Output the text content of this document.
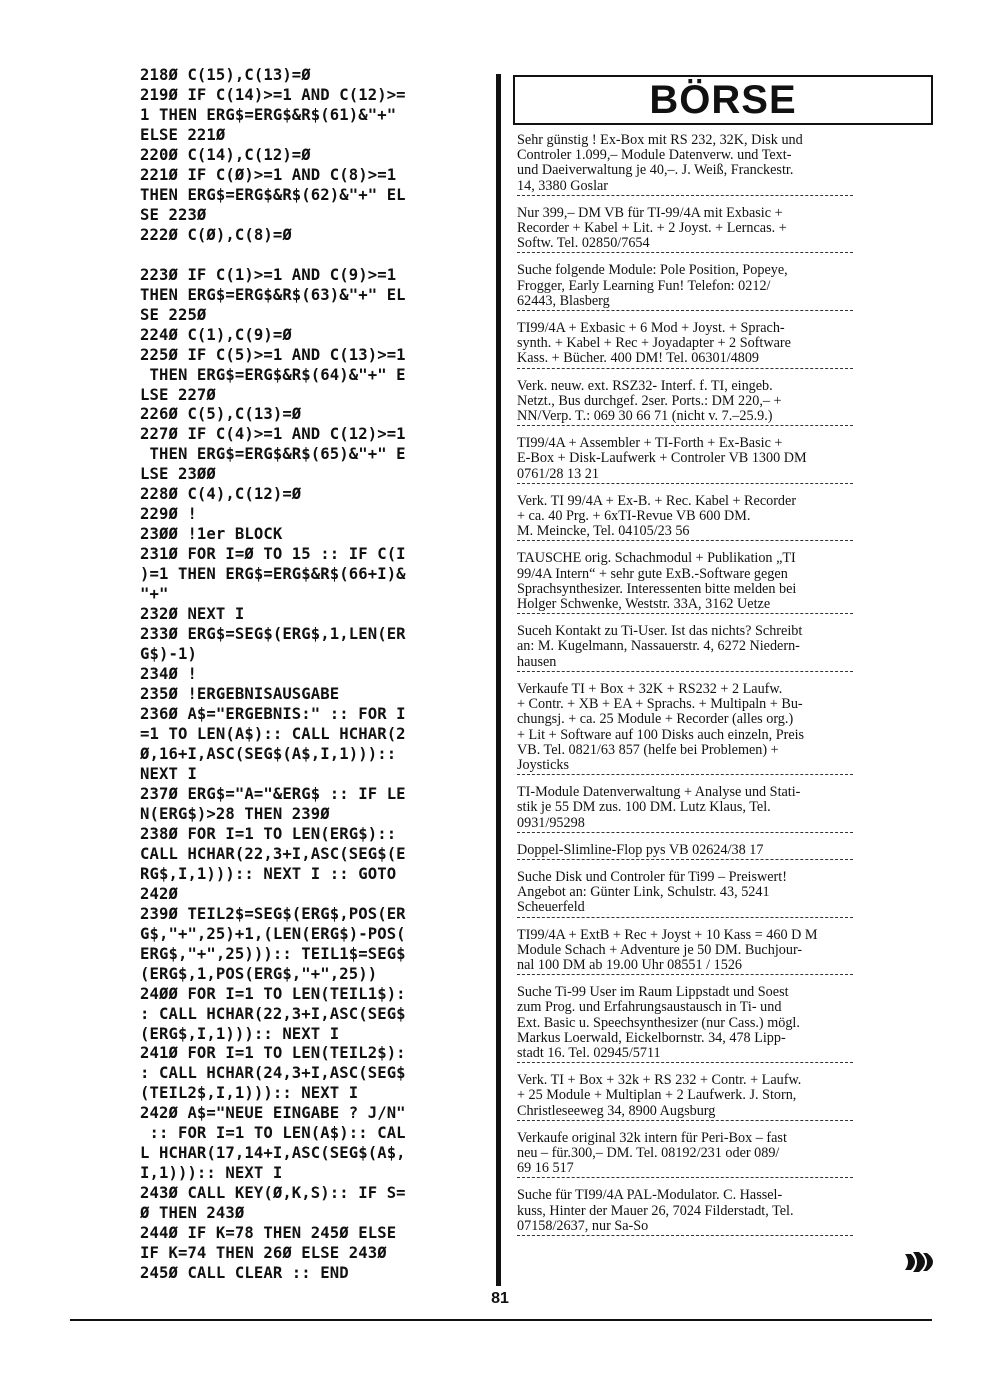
218Ø C(15),C(13)=Ø
219Ø IF C(14)>=1 AND C(12)>=
1 THEN ERG$=ERG$&R$(61)&"+"
ELSE 221Ø
220Ø C(14),C(12)=Ø
221Ø IF C(Ø)>=1 AND C(8)>=1
THEN ERG$=ERG$&R$(62)&"+" EL
SE 223Ø
222Ø C(Ø),C(8)=Ø
223Ø IF C(1)>=1 AND C(9)>=1
THEN ERG$=ERG$&R$(63)&"+" EL
SE 225Ø
224Ø C(1),C(9)=Ø
225Ø IF C(5)>=1 AND C(13)>=1
THEN ERG$=ERG$&R$(64)&"+" E
LSE 227Ø
226Ø C(5),C(13)=Ø
227Ø IF C(4)>=1 AND C(12)>=1
THEN ERG$=ERG$&R$(65)&"+" E
LSE 23ØØ
228Ø C(4),C(12)=Ø
229Ø !
23ØØ !1er BLOCK
231Ø FOR I=Ø TO 15 :: IF C(I
)=1 THEN ERG$=ERG$&R$(66+I)&
"+"
232Ø NEXT I
233Ø ERG$=SEG$(ERG$,1,LEN(ER
G$)-1)
234Ø !
235Ø !ERGEBNISAUSGABE
236Ø A$="ERGEBNIS:" :: FOR I
=1 TO LEN(A$):: CALL HCHAR(2
Ø,16+I,ASC(SEG$(A$,I,1)))::
NEXT I
237Ø ERG$="A="&ERG$ :: IF LE
N(ERG$)>28 THEN 239Ø
238Ø FOR I=1 TO LEN(ERG$)::
CALL HCHAR(22,3+I,ASC(SEG$(E
RG$,I,1))):: NEXT I :: GOTO
242Ø
239Ø TEIL2$=SEG$(ERG$,POS(ER
G$,"+",25)+1,(LEN(ERG$)-POS(
ERG$,"+",25))):: TEIL1$=SEG$
(ERG$,1,POS(ERG$,"+",25))
24ØØ FOR I=1 TO LEN(TEIL1$):
: CALL HCHAR(22,3+I,ASC(SEG$
(ERG$,I,1))):: NEXT I
241Ø FOR I=1 TO LEN(TEIL2$):
: CALL HCHAR(24,3+I,ASC(SEG$
(TEIL2$,I,1))):: NEXT I
242Ø A$="NEUE EINGABE ? J/N"
:: FOR I=1 TO LEN(A$):: CAL
L HCHAR(17,14+I,ASC(SEG$(A$,
I,1))):: NEXT I
243Ø CALL KEY(Ø,K,S):: IF S=
Ø THEN 243Ø
244Ø IF K=78 THEN 245Ø ELSE
IF K=74 THEN 26Ø ELSE 243Ø
245Ø CALL CLEAR :: END
BÖRSE
Sehr günstig ! Ex-Box mit RS 232, 32K, Disk und
Controler 1.099,– Module Datenverw. und Text-
und Daeiverwaltung je 40,–. J. Weiß, Franckestr.
14, 3380 Goslar
Nur 399,– DM VB für TI-99/4A mit Exbasic +
Recorder + Kabel + Lit. + 2 Joyst. + Lerncas. +
Softw. Tel. 02850/7654
Suche folgende Module: Pole Position, Popeye,
Frogger, Early Learning Fun! Telefon: 0212/
62443, Blasberg
TI99/4A + Exbasic + 6 Mod + Joyst. + Sprach-
synth. + Kabel + Rec + Joyadapter + 2 Software
Kass. + Bücher. 400 DM! Tel. 06301/4809
Verk. neuw. ext. RSZ32- Interf. f. TI, eingeb.
Netzt., Bus durchgef. 2ser. Ports.: DM 220,– +
NN/Verp. T.: 069 30 66 71 (nicht v. 7.–25.9.)
TI99/4A + Assembler + TI-Forth + Ex-Basic +
E-Box + Disk-Laufwerk + Controler VB 1300 DM
0761/28 13 21
Verk. TI 99/4A + Ex-B. + Rec. Kabel + Recorder
+ ca. 40 Prg. + 6xTI-Revue VB 600 DM.
M. Meincke, Tel. 04105/23 56
TAUSCHE orig. Schachmodul + Publikation „TI
99/4A Intern“ + sehr gute ExB.-Software gegen
Sprachsynthesizer. Interessenten bitte melden bei
Holger Schwenke, Weststr. 33A, 3162 Uetze
Suceh Kontakt zu Ti-User. Ist das nichts? Schreibt
an: M. Kugelmann, Nassauerstr. 4, 6272 Niedern-
hausen
Verkaufe TI + Box + 32K + RS232 + 2 Laufw.
+ Contr. + XB + EA + Sprachs. + Multipaln + Bu-
chungsj. + ca. 25 Module + Recorder (alles org.)
+ Lit + Software auf 100 Disks auch einzeln, Preis
VB. Tel. 0821/63 857 (helfe bei Problemen) +
Joysticks
TI-Module Datenverwaltung + Analyse und Stati-
stik je 55 DM zus. 100 DM. Lutz Klaus, Tel.
0931/95298
Doppel-Slimline-Flop pys VB 02624/38 17
Suche Disk und Controler für Ti99 – Preiswert!
Angebot an: Günter Link, Schulstr. 43, 5241
Scheuerfeld
TI99/4A + ExtB + Rec + Joyst + 10 Kass = 460 D M
Module Schach + Adventure je 50 DM. Buchjour-
nal 100 DM ab 19.00 Uhr 08551 / 1526
Suche Ti-99 User im Raum Lippstadt und Soest
zum Prog. und Erfahrungsaustausch in Ti- und
Ext. Basic u. Speechsynthesizer (nur Cass.) mögl.
Markus Loerwald, Eickelbornstr. 34, 478 Lipp-
stadt 16. Tel. 02945/5711
Verk. TI + Box + 32k + RS 232 + Contr. + Laufw.
+ 25 Module + Multiplan + 2 Laufwerk. J. Storn,
Christleseeweg 34, 8900 Augsburg
Verkaufe original 32k intern für Peri-Box – fast
neu – für.300,– DM. Tel. 08192/231 oder 089/
69 16 517
Suche für TI99/4A PAL-Modulator. C. Hassel-
kuss, Hinter der Mauer 26, 7024 Filderstadt, Tel.
07158/2637, nur Sa-So
81
